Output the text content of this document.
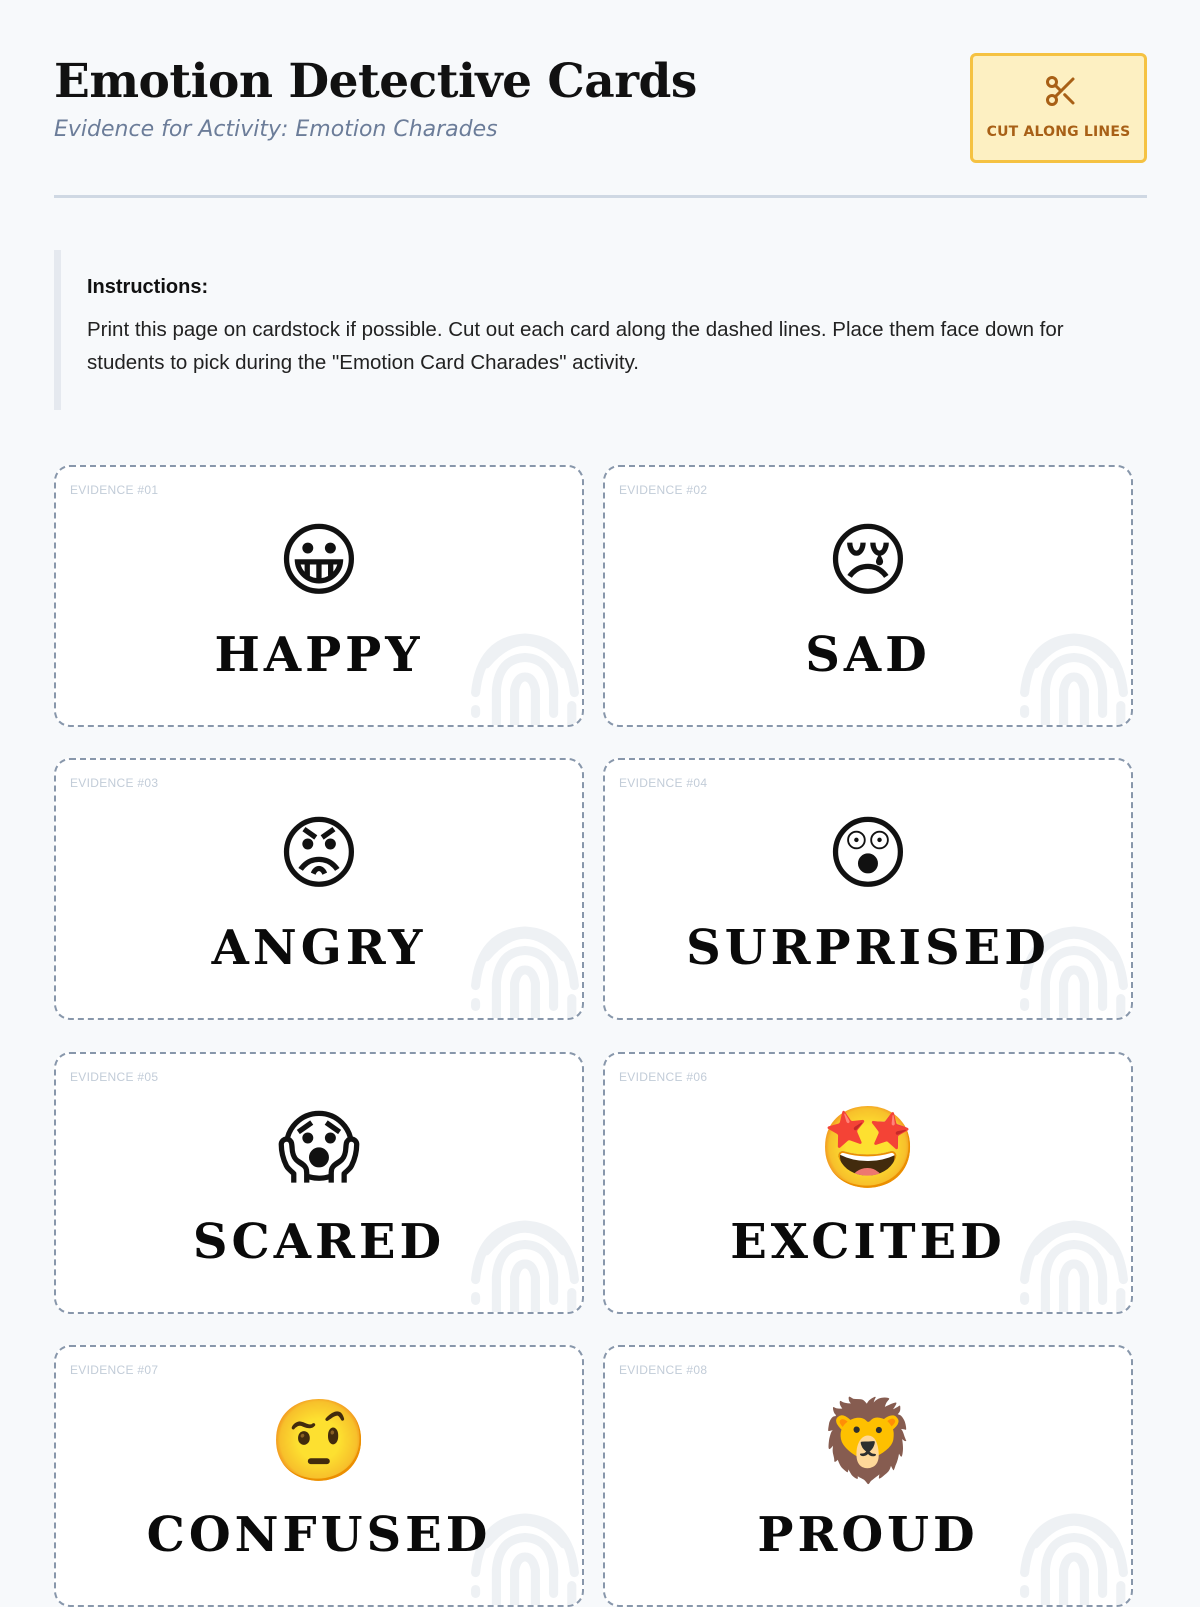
Emotion Detective Cards
Evidence for Activity: Emotion Charades	CUT ALONG LINES
Instructions:
Print this page on cardstock if possible. Cut out each card along the dashed lines. Place them face down for students to pick during the "Emotion Card Charades" activity.
EVIDENCE #01
😀
HAPPY
EVIDENCE #02
😢
SAD
EVIDENCE #03
😡
ANGRY
EVIDENCE #04
😲
SURPRISED
EVIDENCE #05
😱
SCARED
EVIDENCE #06
🤩
EXCITED
EVIDENCE #07
🤨
CONFUSED
EVIDENCE #08
🦁
PROUD
